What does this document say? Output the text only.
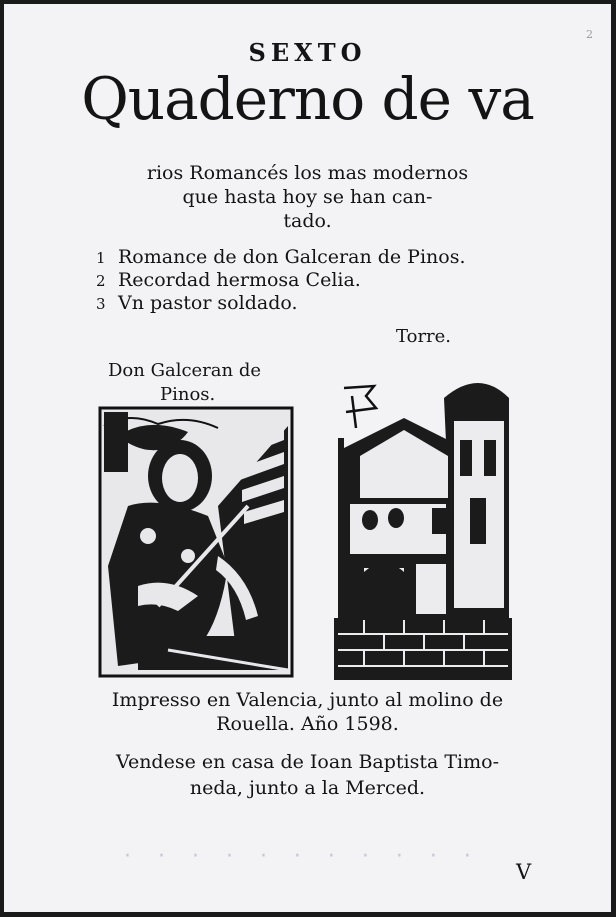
2
SEXTO
Quaderno de va
rios Romancés los mas modernos
que hasta hoy se han can-
tado.
1 Romance de don Galceran de Pinos.
2 Recordad hermosa Celia.
3 Vn pastor soldado.
Torre.
Don Galceran de
Pinos.
Impresso en Valencia, junto al molino de
Rouella. Año 1598.
Vendese en casa de Ioan Baptista Timo-
neda, junto a la Merced.
· · · · · · · · · · ·
V
